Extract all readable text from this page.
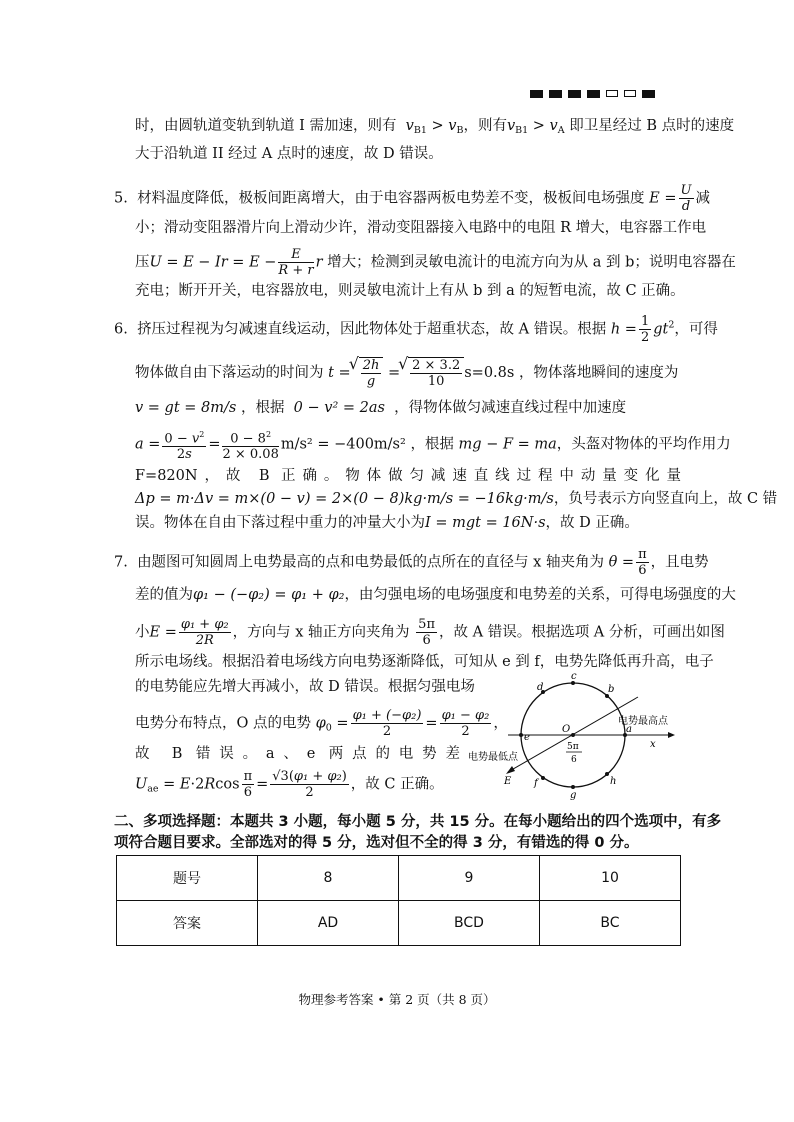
时，由圆轨道变轨到轨道 I 需加速，则有  $v_{B1} > v_B$，则有$v_{B1} > v_A$ 即卫星经过 B 点时的速度
大于沿轨道 II 经过 A 点时的速度，故 D 错误。
5. 材料温度降低，极板间距离增大，由于电容器两板电势差不变，极板间电场强度 $E = \frac{U}{d}$ 减
小；滑动变阻器滑片向上滑动少许，滑动变阻器接入电路中的电阻 R 增大，电容器工作电
压$U = E - Ir = E - \frac{E}{R + r}$ r 增大；检测到灵敏电流计的电流方向为从 a 到 b；说明电容器在
充电；断开开关，电容器放电，则灵敏电流计上有从 b 到 a 的短暂电流，故 C 正确。
6. 挤压过程视为匀减速直线运动，因此物体处于超重状态，故 A 错误。根据 $h = \frac{1}{2} gt^2$，可得
物体做自由下落运动的时间为 t = √ $\frac{2h}{g}$ = √ $\frac{2 \times 3.2}{10} s=0.8s$ ，物体落地瞬间的速度为
v = gt = 8m/s ，根据 0 − v² = 2as ，得物体做匀减速直线过程中加速度
$a = \frac{0 - v^2}{2s} = \frac{0 - 8^2}{2 \times 0.08} m/s^2 = -400m/s^2$ ，根据 mg − F = ma，头盔对物体的平均作用力
F=820N，故 B 正确。物体做匀减速直线过程中动量变化量
Δp = m·Δv = m×(0 − v) = 2×(0 − 8)kg·m/s = −16kg·m/s，负号表示方向竖直向上，故 C 错
误。物体在自由下落过程中重力的冲量大小为I = mgt = 16N·s，故 D 正确。
7. 由题图可知圆周上电势最高的点和电势最低的点所在的直径与 x 轴夹角为 $\theta = \frac{\pi}{6}$ ，且电势
差的值为φ₁ − (−φ₂) = φ₁ + φ₂，由匀强电场的电场强度和电势差的关系，可得电场强度的大
小$E = \frac{\text{φ₁ + φ₂}}{2R}$ ，方向与 x 轴正方向夹角为 $\frac{5\pi}{6}$ ，故 A 错误。根据选项 A 分析，可画出如图
所示电场线。根据沿着电场线方向电势逐渐降低，可知从 e 到 f，电势先降低再升高，电子
的电势能应先增大再减小，故 D 错误。根据匀强电场
电势分布特点，O 点的电势 $\varphi_0 = \frac{\text{φ₁ + (−φ₂)}}{2} = \frac{\text{φ₁ − φ₂}}{2}$ ，
故 B 错误。a、e 两点的电势差
$U_{ae} = E\cdot 2Rcos \frac{\pi}{6} = \frac{\text{√3(φ₁ + φ₂)}}{2}$ ，故 C 正确。
c
d	b
O	a
x
e
电势最高点
电势最低点
E f
g
h
5π
6
二、多项选择题：本题共 3 小题，每小题 5 分，共 15 分。在每小题给出的四个选项中，有多
项符合题目要求。全部选对的得 5 分，选对但不全的得 3 分，有错选的得 0 分。
题号	8	9	10
答案	AD	BCD	BC
物理参考答案 • 第 2 页（共 8 页）
